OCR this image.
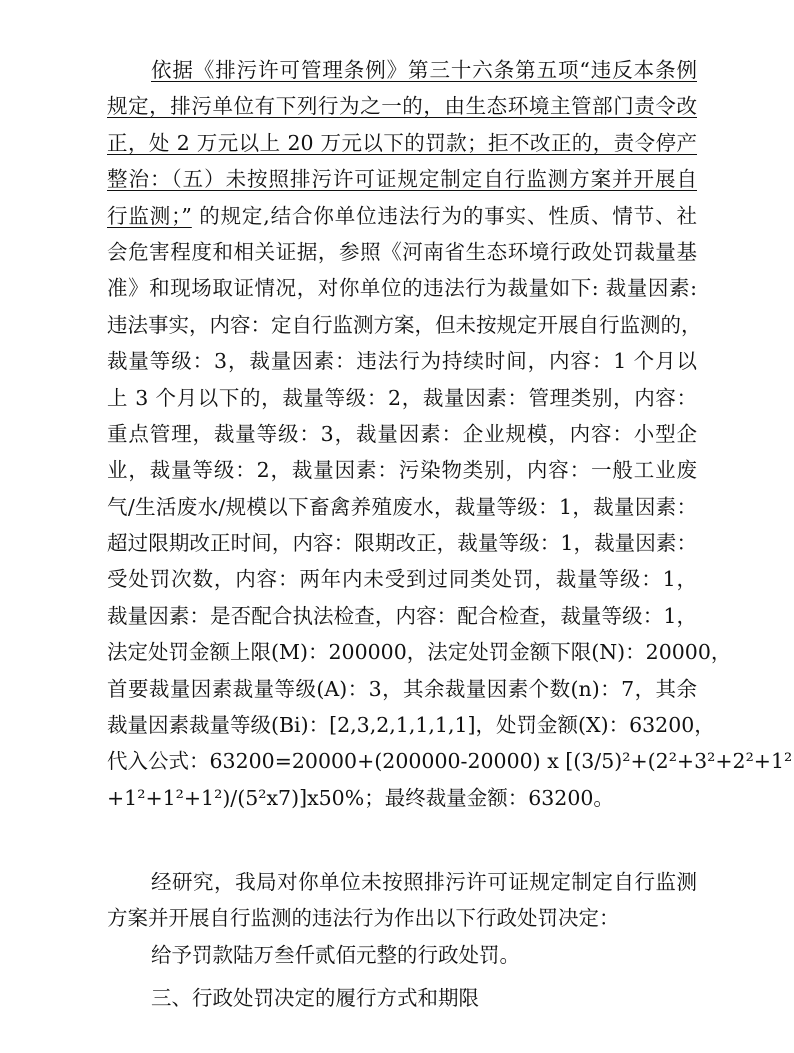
依据《排污许可管理条例》第三十六条第五项“违反本条例
规定，排污单位有下列行为之一的，由生态环境主管部门责令改
正，处 2 万元以上 20 万元以下的罚款；拒不改正的，责令停产
整治：（五）未按照排污许可证规定制定自行监测方案并开展自
行监测；” 的规定,结合你单位违法行为的事实、性质、情节、社
会危害程度和相关证据，参照《河南省生态环境行政处罚裁量基
准》和现场取证情况，对你单位的违法行为裁量如下: 裁量因素:
违法事实，内容：定自行监测方案，但未按规定开展自行监测的，
裁量等级：3，裁量因素：违法行为持续时间，内容：1 个月以
上 3 个月以下的，裁量等级：2，裁量因素：管理类别，内容：
重点管理，裁量等级：3，裁量因素：企业规模，内容：小型企
业，裁量等级：2，裁量因素：污染物类别，内容：一般工业废
气/生活废水/规模以下畜禽养殖废水，裁量等级：1，裁量因素：
超过限期改正时间，内容：限期改正，裁量等级：1，裁量因素：
受处罚次数，内容：两年内未受到过同类处罚，裁量等级：1，
裁量因素：是否配合执法检查，内容：配合检查，裁量等级：1，
法定处罚金额上限(M)：200000，法定处罚金额下限(N)：20000，
首要裁量因素裁量等级(A)：3，其余裁量因素个数(n)：7，其余
裁量因素裁量等级(Bi)：[2,3,2,1,1,1,1]，处罚金额(X)：63200，
代入公式：63200=20000+(200000-20000) x [(3/5)²+(2²+3²+2²+1²
+1²+1²+1²)/(5²x7)]x50%；最终裁量金额：63200。
经研究，我局对你单位未按照排污许可证规定制定自行监测
方案并开展自行监测的违法行为作出以下行政处罚决定：
给予罚款陆万叁仟贰佰元整的行政处罚。
三、行政处罚决定的履行方式和期限
